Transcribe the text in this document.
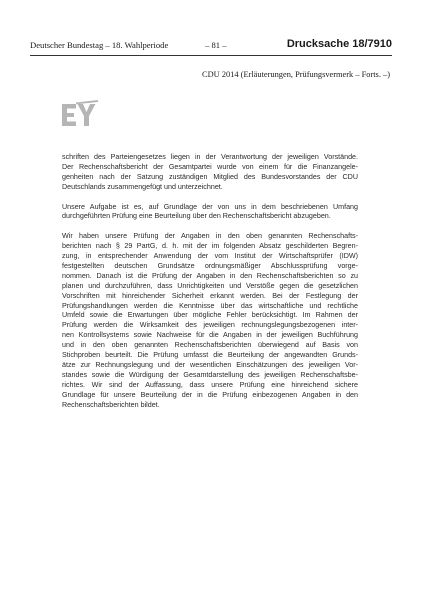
Deutscher Bundestag – 18. Wahlperiode	– 81 –	Drucksache 18/7910
CDU 2014 (Erläuterungen, Prüfungsvermerk – Forts. –)

schriften des Parteiengesetzes liegen in der Verantwortung der jeweiligen Vorstände.
Der Rechenschaftsbericht der Gesamtpartei wurde von einem für die Finanzangele-
genheiten nach der Satzung zuständigen Mitglied des Bundesvorstandes der CDU
Deutschlands zusammengefügt und unterzeichnet.

Unsere Aufgabe ist es, auf Grundlage der von uns in dem beschriebenen Umfang
durchgeführten Prüfung eine Beurteilung über den Rechenschaftsbericht abzugeben.

Wir haben unsere Prüfung der Angaben in den oben genannten Rechenschafts-
berichten nach § 29 PartG, d. h. mit der im folgenden Absatz geschilderten Begren-
zung, in entsprechender Anwendung der vom Institut der Wirtschaftsprüfer (IDW)
festgestellten deutschen Grundsätze ordnungsmäßiger Abschlussprüfung vorge-
nommen. Danach ist die Prüfung der Angaben in den Rechenschaftsberichten so zu
planen und durchzuführen, dass Unrichtigkeiten und Verstöße gegen die gesetzlichen
Vorschriften mit hinreichender Sicherheit erkannt werden. Bei der Festlegung der
Prüfungshandlungen werden die Kenntnisse über das wirtschaftliche und rechtliche
Umfeld sowie die Erwartungen über mögliche Fehler berücksichtigt. Im Rahmen der
Prüfung werden die Wirksamkeit des jeweiligen rechnungslegungsbezogenen inter-
nen Kontrollsystems sowie Nachweise für die Angaben in der jeweiligen Buchführung
und in den oben genannten Rechenschaftsberichten überwiegend auf Basis von
Stichproben beurteilt. Die Prüfung umfasst die Beurteilung der angewandten Grunds-
ätze zur Rechnungslegung und der wesentlichen Einschätzungen des jeweiligen Vor-
standes sowie die Würdigung der Gesamtdarstellung des jeweiligen Rechenschaftsbe-
richtes. Wir sind der Auffassung, dass unsere Prüfung eine hinreichend sichere
Grundlage für unsere Beurteilung der in die Prüfung einbezogenen Angaben in den
Rechenschaftsberichten bildet.
